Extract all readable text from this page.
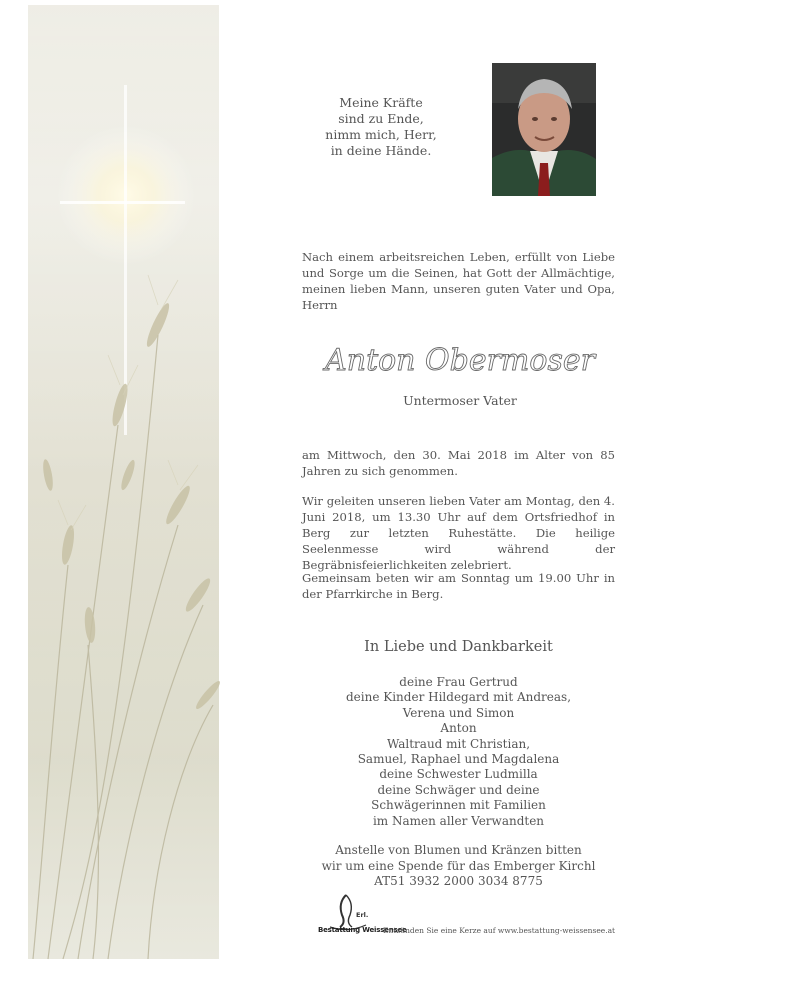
Meine Kräfte
sind zu Ende,
nimm mich, Herr,
in deine Hände.
Nach einem arbeitsreichen Leben, erfüllt von Liebe und Sorge um die Seinen, hat Gott der Allmächtige, meinen lieben Mann, unseren guten Vater und Opa, Herrn
Anton Obermoser
Untermoser Vater
am Mittwoch, den 30. Mai 2018 im Alter von 85 Jahren zu sich genommen.
Wir geleiten unseren lieben Vater am Montag, den 4. Juni 2018, um 13.30 Uhr auf dem Ortsfriedhof in Berg zur letzten Ruhestätte. Die heilige Seelenmesse wird während der Begräbnisfeierlichkeiten zelebriert.
Gemeinsam beten wir am Sonntag um 19.00 Uhr in der Pfarrkirche in Berg.
In Liebe und Dankbarkeit
deine Frau Gertrud
deine Kinder Hildegard mit Andreas,
Verena und Simon
Anton
Waltraud mit Christian,
Samuel, Raphael und Magdalena
deine Schwester Ludmilla
deine Schwäger und deine
Schwägerinnen mit Familien
im Namen aller Verwandten
Anstelle von Blumen und Kränzen bitten
wir um eine Spende für das Emberger Kirchl
AT51 3932 2000 3034 8775
Erl.
Bestattung Weissensee
Entzünden Sie eine Kerze auf www.bestattung-weissensee.at
